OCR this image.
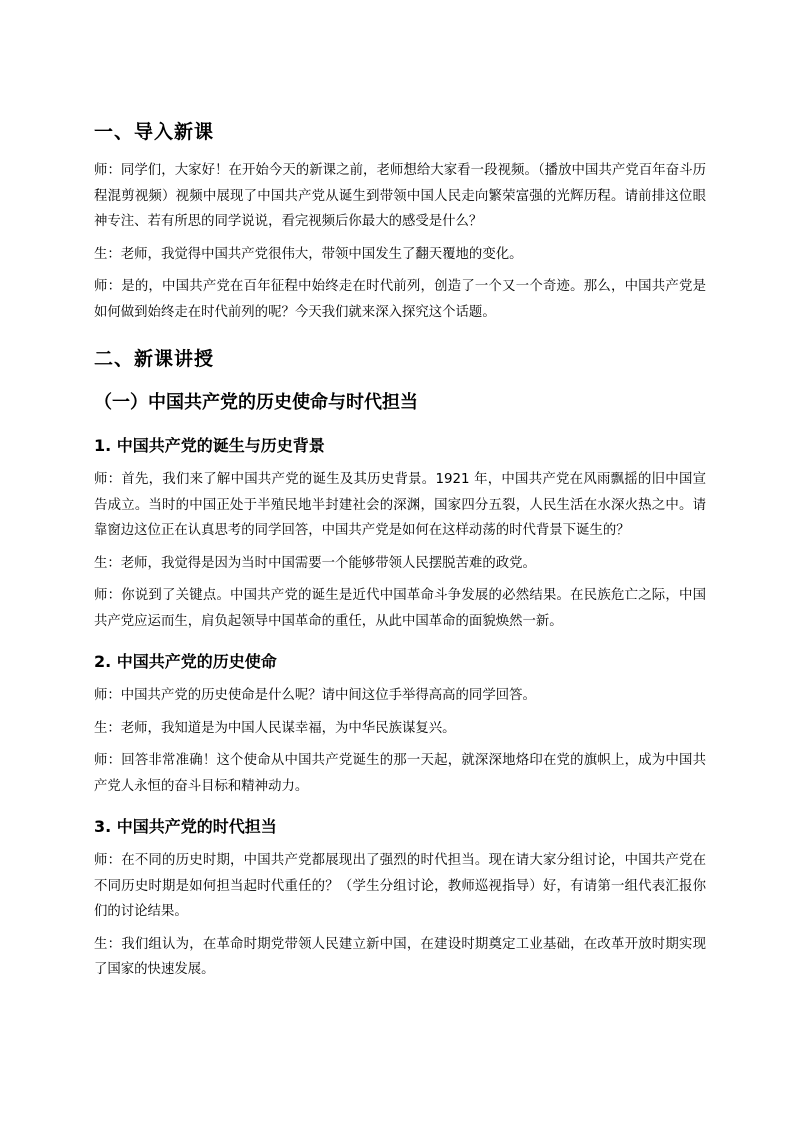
一、导入新课

师：同学们，大家好！在开始今天的新课之前，老师想给大家看一段视频。（播放中国共产党百年奋斗历程混剪视频）视频中展现了中国共产党从诞生到带领中国人民走向繁荣富强的光辉历程。请前排这位眼神专注、若有所思的同学说说，看完视频后你最大的感受是什么？

生：老师，我觉得中国共产党很伟大，带领中国发生了翻天覆地的变化。

师：是的，中国共产党在百年征程中始终走在时代前列，创造了一个又一个奇迹。那么，中国共产党是如何做到始终走在时代前列的呢？今天我们就来深入探究这个话题。

二、新课讲授
（一）中国共产党的历史使命与时代担当
1. 中国共产党的诞生与历史背景

师：首先，我们来了解中国共产党的诞生及其历史背景。1921 年，中国共产党在风雨飘摇的旧中国宣告成立。当时的中国正处于半殖民地半封建社会的深渊，国家四分五裂，人民生活在水深火热之中。请靠窗边这位正在认真思考的同学回答，中国共产党是如何在这样动荡的时代背景下诞生的？

生：老师，我觉得是因为当时中国需要一个能够带领人民摆脱苦难的政党。

师：你说到了关键点。中国共产党的诞生是近代中国革命斗争发展的必然结果。在民族危亡之际，中国共产党应运而生，肩负起领导中国革命的重任，从此中国革命的面貌焕然一新。

2. 中国共产党的历史使命

师：中国共产党的历史使命是什么呢？请中间这位手举得高高的同学回答。

生：老师，我知道是为中国人民谋幸福，为中华民族谋复兴。

师：回答非常准确！这个使命从中国共产党诞生的那一天起，就深深地烙印在党的旗帜上，成为中国共产党人永恒的奋斗目标和精神动力。

3. 中国共产党的时代担当

师：在不同的历史时期，中国共产党都展现出了强烈的时代担当。现在请大家分组讨论，中国共产党在不同历史时期是如何担当起时代重任的？（学生分组讨论，教师巡视指导）好，有请第一组代表汇报你们的讨论结果。

生：我们组认为，在革命时期党带领人民建立新中国，在建设时期奠定工业基础，在改革开放时期实现了国家的快速发展。
